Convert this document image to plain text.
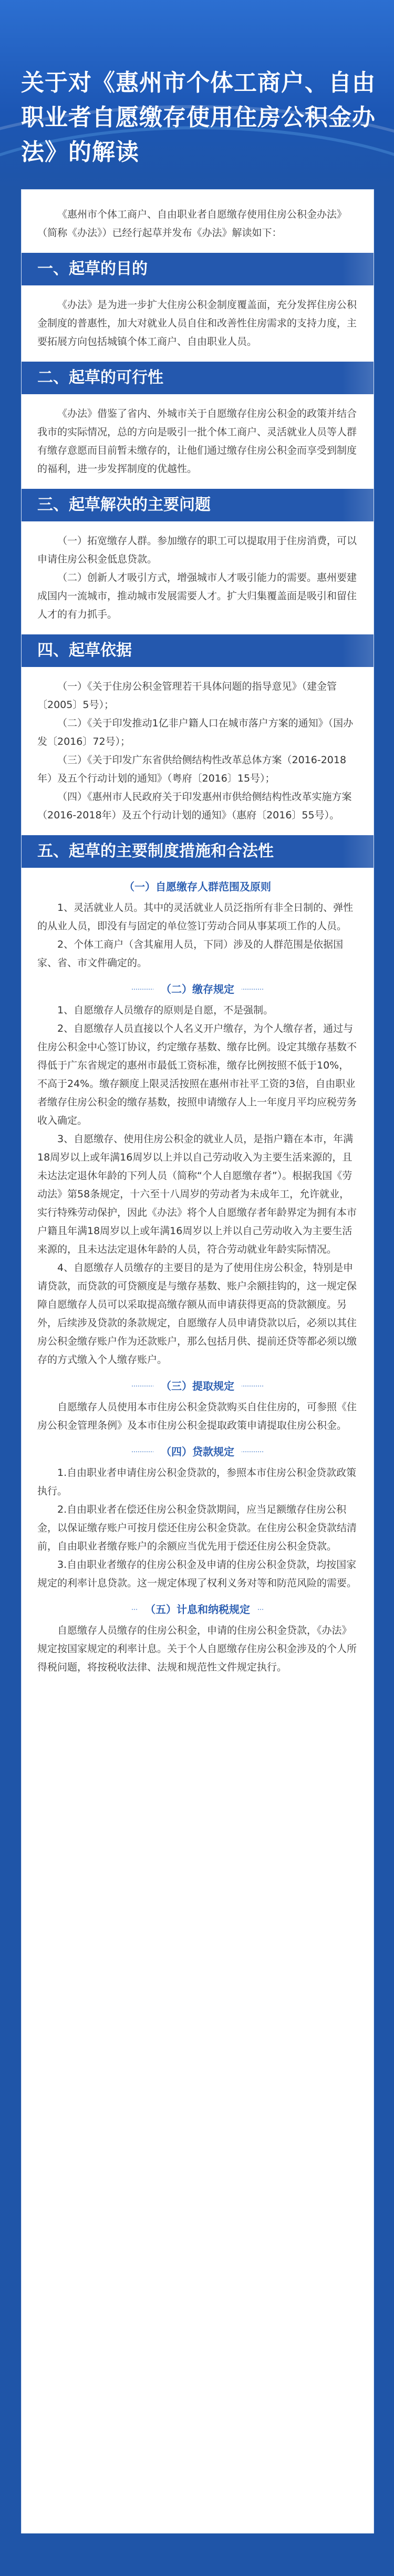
关于对《惠州市个体工商户、自由职业者自愿缴存使用住房公积金办法》的解读

《惠州市个体工商户、自由职业者自愿缴存使用住房公积金办法》（简称《办法》）已经行起草并发布《办法》解读如下：

一、起草的目的

《办法》是为进一步扩大住房公积金制度覆盖面，充分发挥住房公积金制度的普惠性，加大对就业人员自住和改善性住房需求的支持力度，主要拓展方向包括城镇个体工商户、自由职业人员。

二、起草的可行性

《办法》借鉴了省内、外城市关于自愿缴存住房公积金的政策并结合我市的实际情况，总的方向是吸引一批个体工商户、灵活就业人员等人群有缴存意愿而目前暂未缴存的，让他们通过缴存住房公积金而享受到制度的福利，进一步发挥制度的优越性。

三、起草解决的主要问题

（一）拓宽缴存人群。参加缴存的职工可以提取用于住房消费，可以申请住房公积金低息贷款。

（二）创新人才吸引方式，增强城市人才吸引能力的需要。惠州要建成国内一流城市，推动城市发展需要人才。扩大归集覆盖面是吸引和留住人才的有力抓手。

四、起草依据

（一）《关于住房公积金管理若干具体问题的指导意见》（建金管〔2005〕5号）；

（二）《关于印发推动1亿非户籍人口在城市落户方案的通知》（国办发〔2016〕72号）；

（三）《关于印发广东省供给侧结构性改革总体方案（2016-2018年）及五个行动计划的通知》（粤府〔2016〕15号）；

（四）《惠州市人民政府关于印发惠州市供给侧结构性改革实施方案（2016-2018年）及五个行动计划的通知》（惠府〔2016〕55号）。

五、起草的主要制度措施和合法性
（一）自愿缴存人群范围及原则

1、灵活就业人员。其中的灵活就业人员泛指所有非全日制的、弹性的从业人员，即没有与固定的单位签订劳动合同从事某项工作的人员。

2、个体工商户（含其雇用人员，下同）涉及的人群范围是依据国家、省、市文件确定的。

（二）缴存规定

1、自愿缴存人员缴存的原则是自愿，不是强制。

2、自愿缴存人员直接以个人名义开户缴存，为个人缴存者，通过与住房公积金中心签订协议，约定缴存基数、缴存比例。设定其缴存基数不得低于广东省规定的惠州市最低工资标准，缴存比例按照不低于10%，不高于24%。缴存额度上限灵活按照在惠州市社平工资的3倍，自由职业者缴存住房公积金的缴存基数，按照申请缴存人上一年度月平均应税劳务收入确定。

3、自愿缴存、使用住房公积金的就业人员，是指户籍在本市，年满18周岁以上或年满16周岁以上并以自己劳动收入为主要生活来源的，且未达法定退休年龄的下列人员（简称“个人自愿缴存者”）。根据我国《劳动法》第58条规定，十六至十八周岁的劳动者为未成年工，允许就业，实行特殊劳动保护，因此《办法》将个人自愿缴存者年龄界定为拥有本市户籍且年满18周岁以上或年满16周岁以上并以自己劳动收入为主要生活来源的，且未达法定退休年龄的人员，符合劳动就业年龄实际情况。

4、自愿缴存人员缴存的主要目的是为了使用住房公积金，特别是申请贷款，而贷款的可贷额度是与缴存基数、账户余额挂钩的，这一规定保障自愿缴存人员可以采取提高缴存额从而申请获得更高的贷款额度。另外，后续涉及贷款的条款规定，自愿缴存人员申请贷款以后，必须以其住房公积金缴存账户作为还款账户，那么包括月供、提前还贷等都必须以缴存的方式缴入个人缴存账户。

（三）提取规定

自愿缴存人员使用本市住房公积金贷款购买自住住房的，可参照《住房公积金管理条例》及本市住房公积金提取政策申请提取住房公积金。

（四）贷款规定

1.自由职业者申请住房公积金贷款的，参照本市住房公积金贷款政策执行。

2.自由职业者在偿还住房公积金贷款期间，应当足额缴存住房公积金，以保证缴存账户可按月偿还住房公积金贷款。在住房公积金贷款结清前，自由职业者缴存账户的余额应当优先用于偿还住房公积金贷款。

3.自由职业者缴存的住房公积金及申请的住房公积金贷款，均按国家规定的利率计息贷款。这一规定体现了权利义务对等和防范风险的需要。

（五）计息和纳税规定

自愿缴存人员缴存的住房公积金，申请的住房公积金贷款，《办法》规定按国家规定的利率计息。关于个人自愿缴存住房公积金涉及的个人所得税问题，将按税收法律、法规和规范性文件规定执行。
